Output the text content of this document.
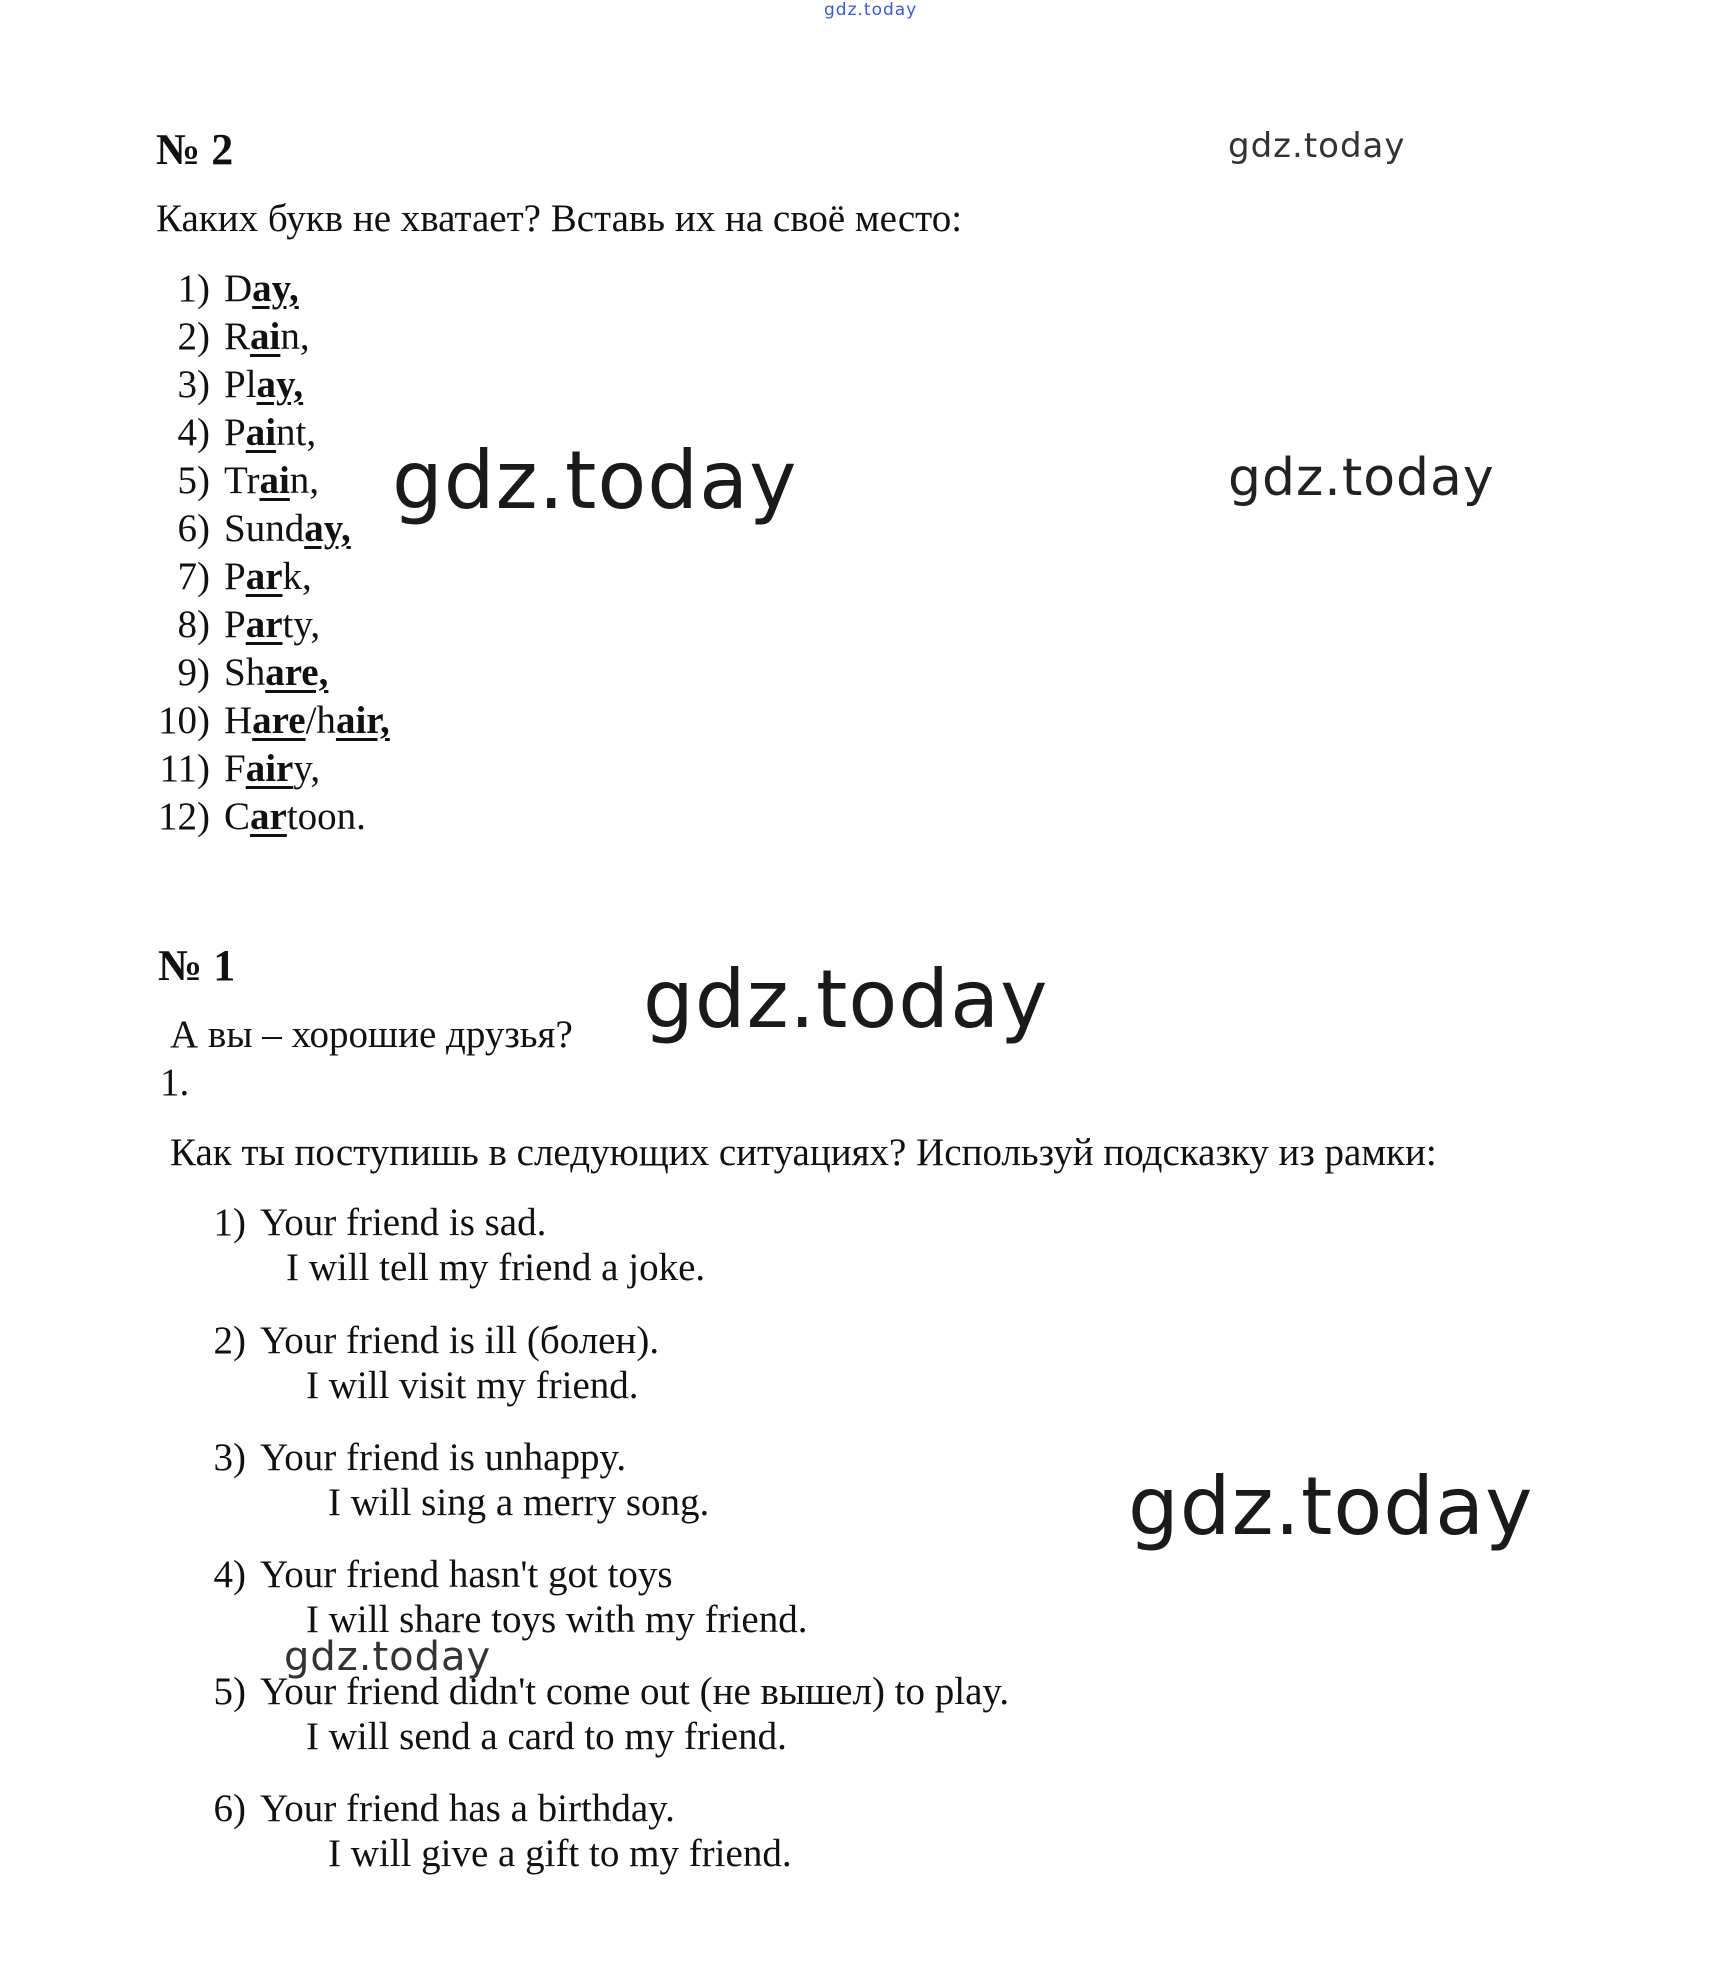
gdz.today
gdz.today
gdz.today
gdz.today
gdz.today
gdz.today
gdz.today
№ 2
Каких букв не хватает? Вставь их на своё место:
1) Day,
2) Rain,
3) Play,
4) Paint,
5) Train,
6) Sunday,
7) Park,
8) Party,
9) Share,
10) Hare/hair,
11) Fairy,
12) Cartoon.
№ 1
А вы – хорошие друзья?
1.
Как ты поступишь в следующих ситуациях? Используй подсказку из рамки:
1) Your friend is sad.
I will tell my friend a joke.
2) Your friend is ill (болен).
I will visit my friend.
3) Your friend is unhappy.
I will sing a merry song.
4) Your friend hasn't got toys
I will share toys with my friend.
5) Your friend didn't come out (не вышел) to play.
I will send a card to my friend.
6) Your friend has a birthday.
I will give a gift to my friend.
